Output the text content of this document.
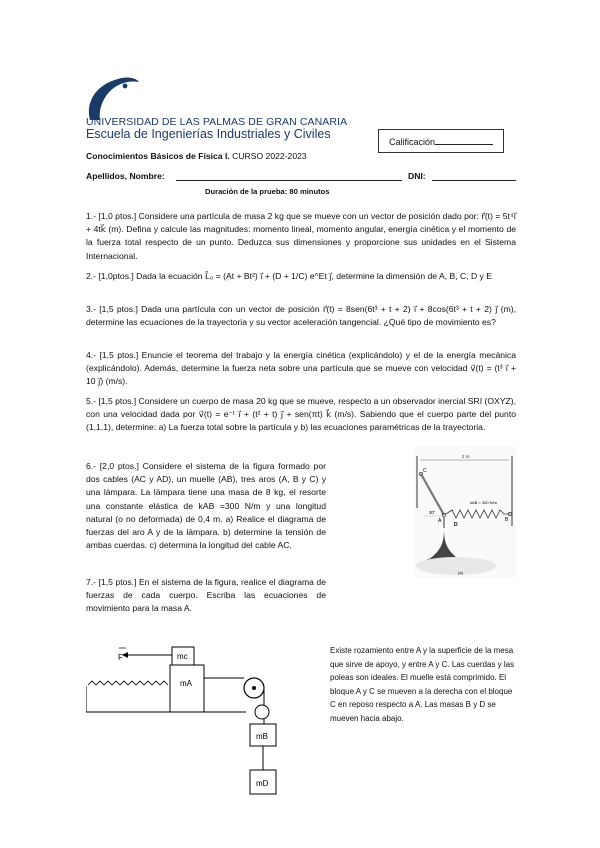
UNIVERSIDAD DE LAS PALMAS DE GRAN CANARIA
Escuela de Ingenierías Industriales y Civiles
Calificación
Conocimientos Básicos de Física I. CURSO 2022-2023
Apellidos, Nombre:	DNI:
Duración de la prueba: 80 minutos
1.- [1,0 ptos.] Considere una partícula de masa 2 kg que se mueve con un vector de posición dado por: r⃗(t) = 5t⁴i⃗ + 4tk⃗ (m). Defina y calcule las magnitudes: momento lineal, momento angular, energía cinética y el momento de la fuerza total respecto de un punto. Deduzca sus dimensiones y proporcione sus unidades en el Sistema Internacional.
2.- [1,0ptos.] Dada la ecuación L⃗₀ = (At + Bt²) i⃗ + (D + 1/C) e^Et j⃗, determine la dimensión de A, B, C, D y E
3.- [1,5 ptos.] Dada una partícula con un vector de posición r⃗(t) = 8sen(6t³ + t + 2) i⃗ + 8cos(6t³ + t + 2) j⃗ (m), determine las ecuaciones de la trayectoria y su vector aceleración tangencial. ¿Qué tipo de movimiento es?
4.- [1,5 ptos.] Enuncie el teorema del trabajo y la energía cinética (explicándolo) y el de la energía mecánica (explicándolo). Además, determine la fuerza neta sobre una partícula que se mueve con velocidad v⃗(t) = (t³ i⃗ + 10 j⃗) (m/s).
5.- [1,5 ptos.] Considere un cuerpo de masa 20 kg que se mueve, respecto a un observador inercial SRI (OXYZ), con una velocidad dada por v⃗(t) = e⁻ᵗ i⃗ + (t² + t) j⃗ + sen(πt) k⃗ (m/s). Sabiendo que el cuerpo parte del punto (1,1,1), determine: a) La fuerza total sobre la partícula y b) las ecuaciones paramétricas de la trayectoria.
6.- [2,0 ptos.] Considere el sistema de la figura formado por dos cables (AC y AD), un muelle (AB), tres aros (A, B y C) y una lámpara. La lámpara tiene una masa de 8 kg, el resorte una constante elástica de kAB =300 N/m y una longitud natural (o no deformada) de 0,4 m. a) Realice el diagrama de fuerzas del aro A y de la lámpara. b) determine la tensión de ambas cuerdas. c) determina la longitud del cable AC.
7.- [1,5 ptos.] En el sistema de la figura, realice el diagrama de fuerzas de cada cuerpo. Escriba las ecuaciones de movimiento para la masa A.
2 m
C
30°
A	B
kAB = 300 N/m
D
(a)
mA
mc
F
mB
mD
Existe rozamiento entre A y la superficie de la mesa que sirve de apoyo, y entre A y C. Las cuerdas y las poleas son ideales. El muelle está comprimido. El bloque A y C se mueven a la derecha con el bloque C en reposo respecto a A. Las masas B y D se mueven hacia abajo.
